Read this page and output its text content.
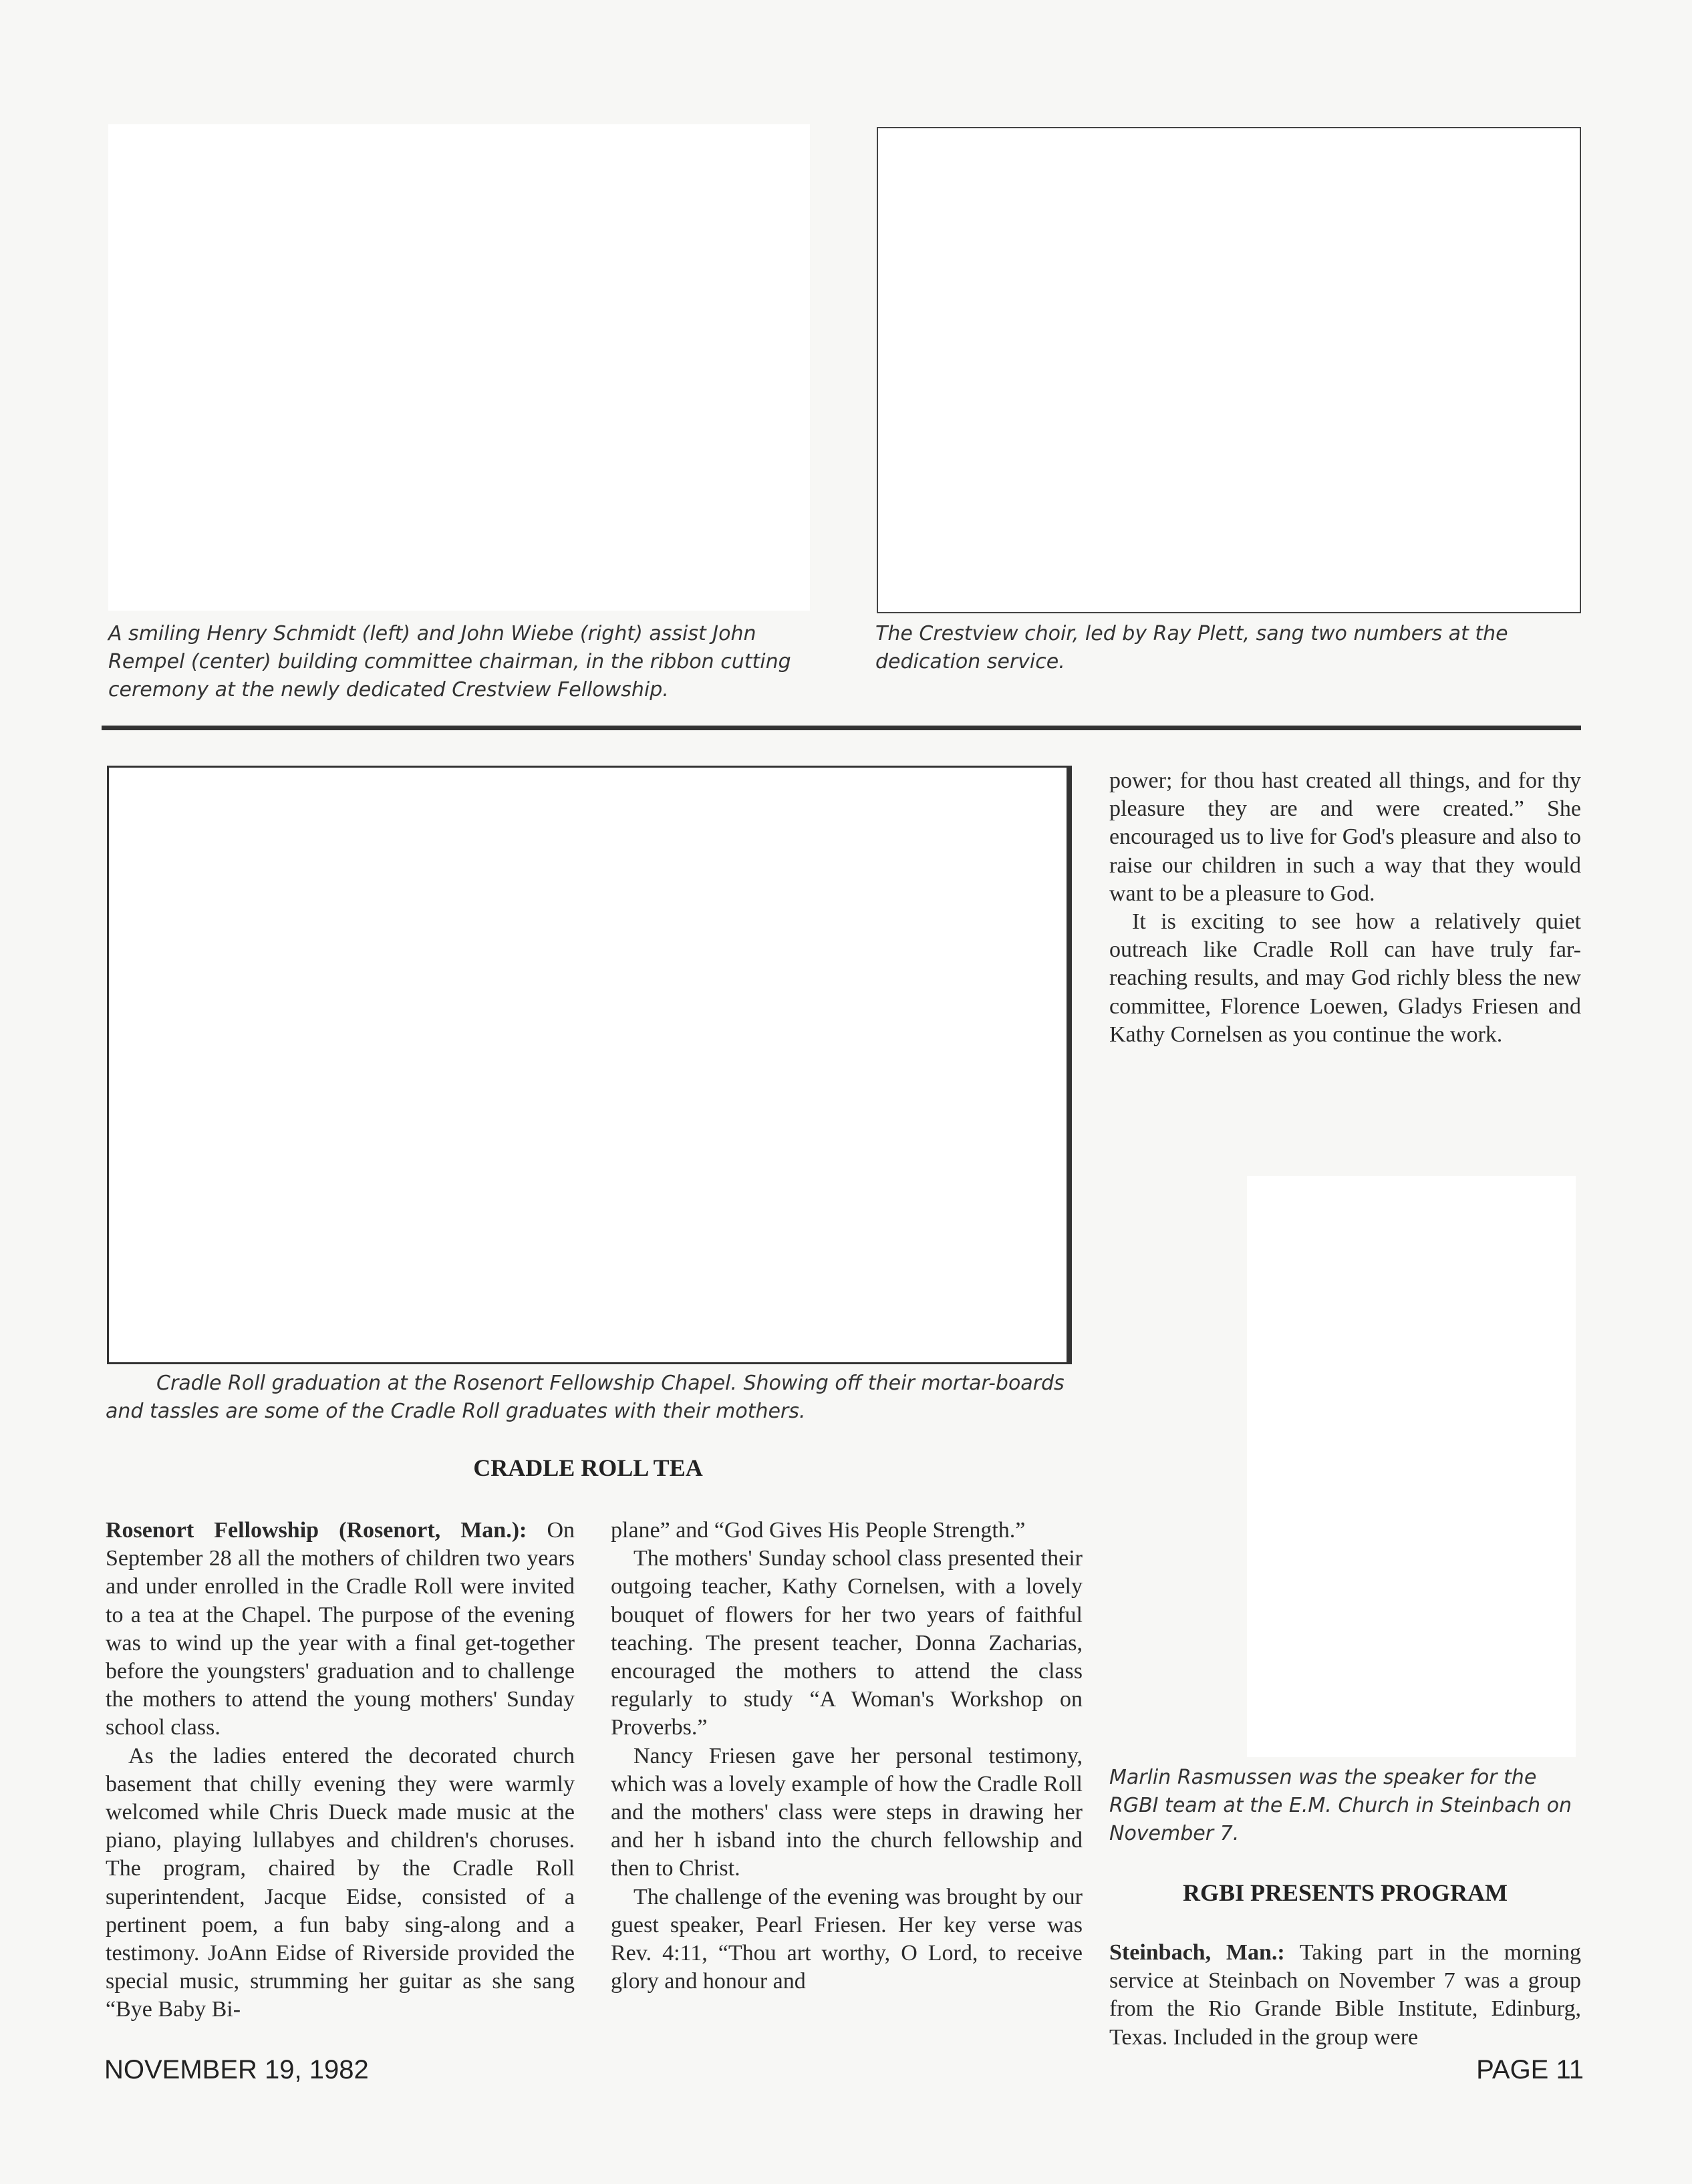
A smiling Henry Schmidt (left) and John Wiebe (right) assist John Rempel (center) building committee chairman, in the ribbon cutting ceremony at the newly dedicated Crestview Fellowship.

The Crestview choir, led by Ray Plett, sang two numbers at the dedication service.

Cradle Roll graduation at the Rosenort Fellowship Chapel. Showing off their mortar-boards and tassles are some of the Cradle Roll graduates with their mothers.

Marlin Rasmussen was the speaker for the RGBI team at the E.M. Church in Steinbach on November 7.

CRADLE ROLL TEA

Rosenort Fellowship (Rosenort, Man.): On September 28 all the mothers of children two years and under enrolled in the Cradle Roll were invited to a tea at the Chapel. The purpose of the evening was to wind up the year with a final get-together before the youngsters' graduation and to challenge the mothers to attend the young mothers' Sunday school class.

As the ladies entered the decorated church basement that chilly evening they were warmly welcomed while Chris Dueck made music at the piano, playing lullabyes and children's choruses. The program, chaired by the Cradle Roll superintendent, Jacque Eidse, consisted of a pertinent poem, a fun baby sing-along and a testimony. JoAnn Eidse of Riverside provided the special music, strumming her guitar as she sang “Bye Baby Bi-

plane” and “God Gives His People Strength.”

The mothers' Sunday school class presented their outgoing teacher, Kathy Cornelsen, with a lovely bouquet of flowers for her two years of faithful teaching. The present teacher, Donna Zacharias, encouraged the mothers to attend the class regularly to study “A Woman's Workshop on Proverbs.”

Nancy Friesen gave her personal testimony, which was a lovely example of how the Cradle Roll and the mothers' class were steps in drawing her and her h isband into the church fellowship and then to Christ.

The challenge of the evening was brought by our guest speaker, Pearl Friesen. Her key verse was Rev. 4:11, “Thou art worthy, O Lord, to receive glory and honour and

power; for thou hast created all things, and for thy pleasure they are and were created.” She encouraged us to live for God's pleasure and also to raise our children in such a way that they would want to be a pleasure to God.

It is exciting to see how a relatively quiet outreach like Cradle Roll can have truly far-reaching results, and may God richly bless the new committee, Florence Loewen, Gladys Friesen and Kathy Cornelsen as you continue the work.

RGBI PRESENTS PROGRAM

Steinbach, Man.: Taking part in the morning service at Steinbach on November 7 was a group from the Rio Grande Bible Institute, Edinburg, Texas. Included in the group were

NOVEMBER 19, 1982	PAGE 11
